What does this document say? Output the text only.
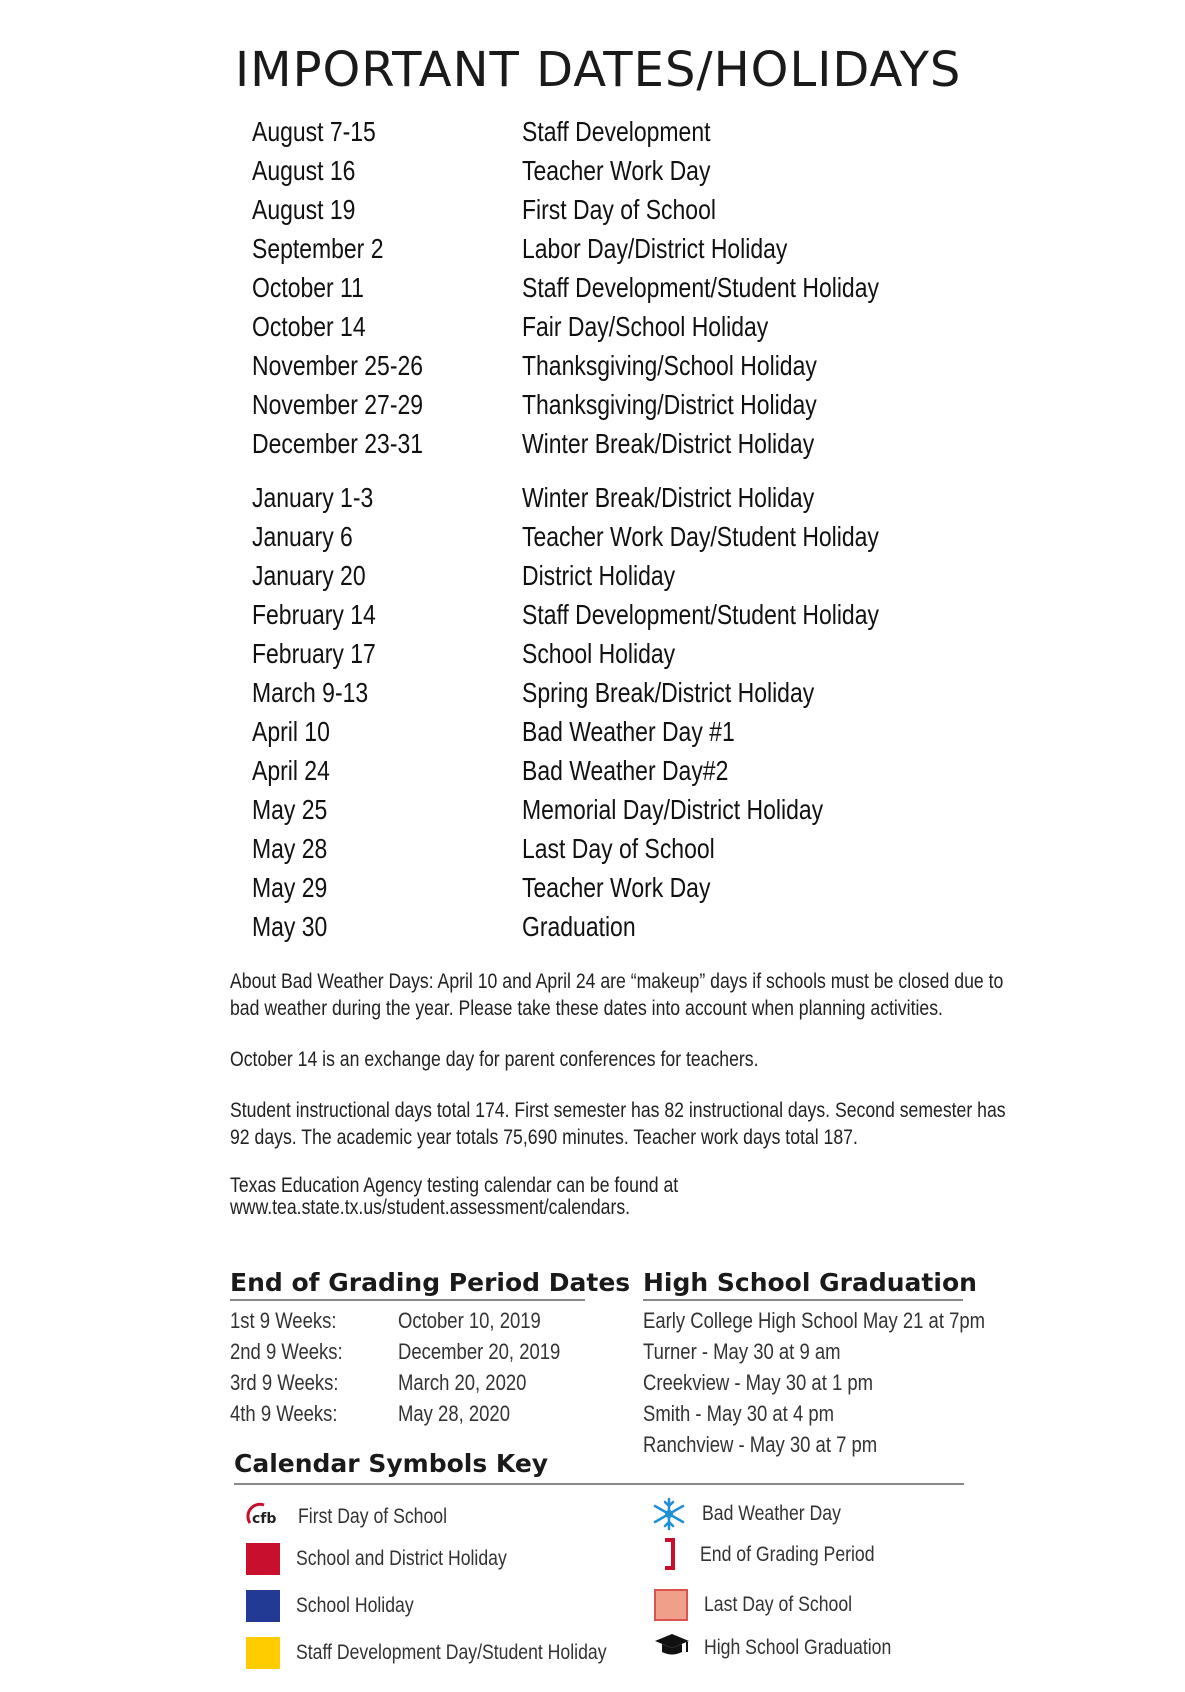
IMPORTANT DATES/HOLIDAYS
August 7-15	Staff Development
August 16	Teacher Work Day
August 19	First Day of School
September 2	Labor Day/District Holiday
October 11	Staff Development/Student Holiday
October 14	Fair Day/School Holiday
November 25-26	Thanksgiving/School Holiday
November 27-29	Thanksgiving/District Holiday
December 23-31	Winter Break/District Holiday
January 1-3	Winter Break/District Holiday
January 6	Teacher Work Day/Student Holiday
January 20	District Holiday
February 14	Staff Development/Student Holiday
February 17	School Holiday
March 9-13	Spring Break/District Holiday
April 10	Bad Weather Day #1
April 24	Bad Weather Day#2
May 25	Memorial Day/District Holiday
May 28	Last Day of School
May 29	Teacher Work Day
May 30	Graduation

About Bad Weather Days: April 10 and April 24 are “makeup” days if schools must be closed due to bad weather during the year. Please take these dates into account when planning activities.

October 14 is an exchange day for parent conferences for teachers.

Student instructional days total 174. First semester has 82 instructional days. Second semester has 92 days. The academic year totals 75,690 minutes. Teacher work days total 187.

Texas Education Agency testing calendar can be found at
www.tea.state.tx.us/student.assessment/calendars.

End of Grading Period Dates
1st 9 Weeks:	October 10, 2019
2nd 9 Weeks:	December 20, 2019
3rd 9 Weeks:	March 20, 2020
4th 9 Weeks:	May 28, 2020
High School Graduation
Early College High School May 21 at 7pm
Turner - May 30 at 9 am
Creekview - May 30 at 1 pm
Smith - May 30 at 4 pm
Ranchview - May 30 at 7 pm
Calendar Symbols Key
cfb First Day of School
School and District Holiday
School Holiday
Staff Development Day/Student Holiday
Bad Weather Day
End of Grading Period
Last Day of School
High School Graduation
